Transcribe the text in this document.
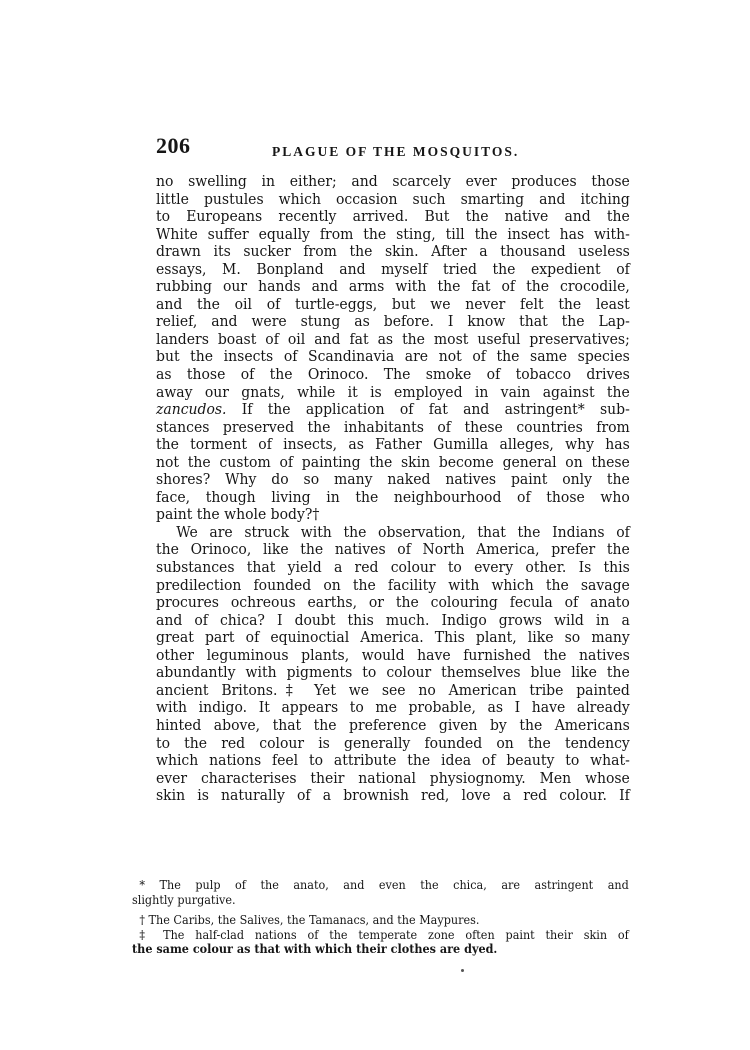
206	PLAGUE OF THE MOSQUITOS.
no swelling in either; and scarcely ever produces those
little pustules which occasion such smarting and itching
to Europeans recently arrived. But the native and the
White suffer equally from the sting, till the insect has with-
drawn its sucker from the skin. After a thousand useless
essays, M. Bonpland and myself tried the expedient of
rubbing our hands and arms with the fat of the crocodile,
and the oil of turtle-eggs, but we never felt the least
relief, and were stung as before. I know that the Lap-
landers boast of oil and fat as the most useful preservatives;
but the insects of Scandinavia are not of the same species
as those of the Orinoco. The smoke of tobacco drives
away our gnats, while it is employed in vain against the
zancudos. If the application of fat and astringent* sub-
stances preserved the inhabitants of these countries from
the torment of insects, as Father Gumilla alleges, why has
not the custom of painting the skin become general on these
shores? Why do so many naked natives paint only the
face, though living in the neighbourhood of those who
paint the whole body?†
We are struck with the observation, that the Indians of
the Orinoco, like the natives of North America, prefer the
substances that yield a red colour to every other. Is this
predilection founded on the facility with which the savage
procures ochreous earths, or the colouring fecula of anato
and of chica? I doubt this much. Indigo grows wild in a
great part of equinoctial America. This plant, like so many
other leguminous plants, would have furnished the natives
abundantly with pigments to colour themselves blue like the
ancient Britons.‡ Yet we see no American tribe painted
with indigo. It appears to me probable, as I have already
hinted above, that the preference given by the Americans
to the red colour is generally founded on the tendency
which nations feel to attribute the idea of beauty to what-
ever characterises their national physiognomy. Men whose
skin is naturally of a brownish red, love a red colour. If
* The pulp of the anato, and even the chica, are astringent and
slightly purgative.
† The Caribs, the Salives, the Tamanacs, and the Maypures.
‡ The half-clad nations of the temperate zone often paint their skin of
the same colour as that with which their clothes are dyed.
